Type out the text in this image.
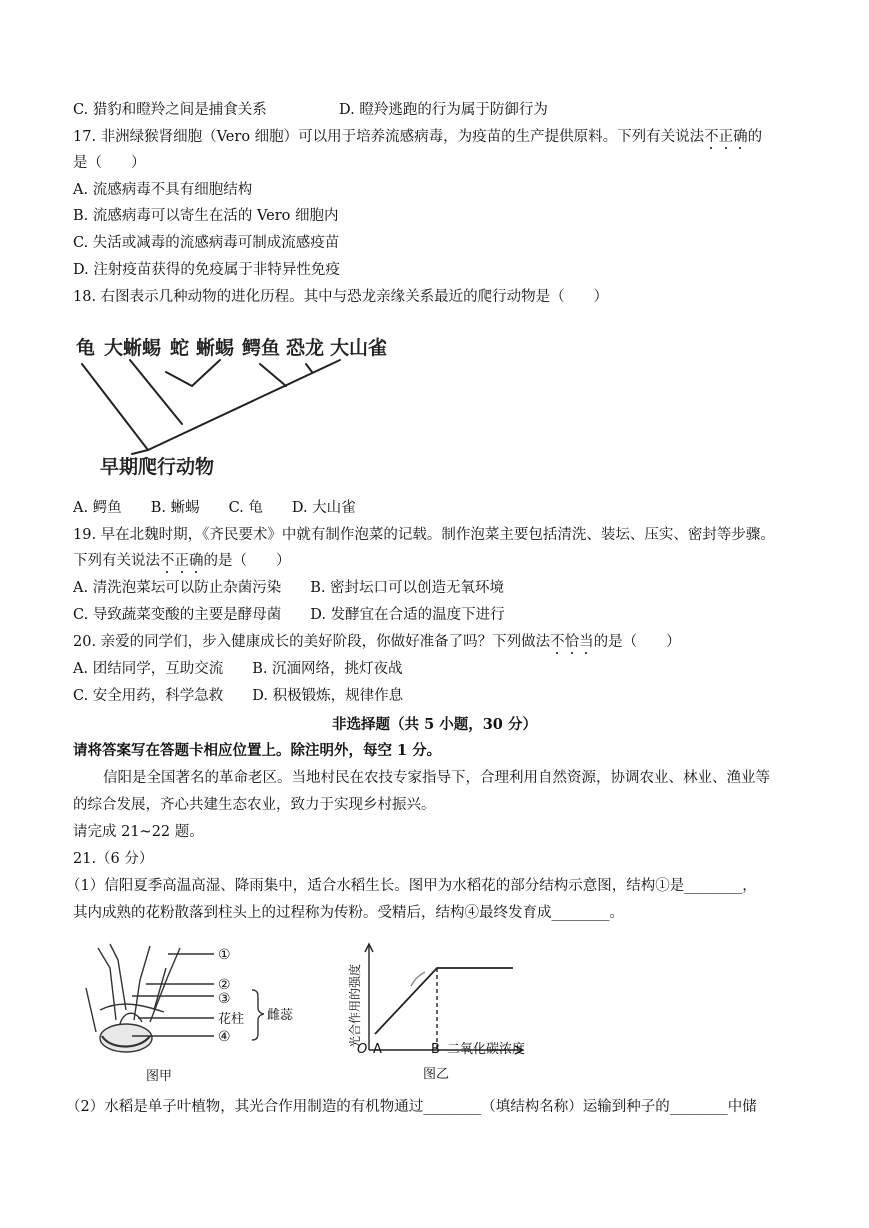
C. 猎豹和瞪羚之间是捕食关系	D. 瞪羚逃跑的行为属于防御行为
17. 非洲绿猴肾细胞（Vero 细胞）可以用于培养流感病毒，为疫苗的生产提供原料。下列有关说法不正确的
是（　　）
A. 流感病毒不具有细胞结构
B. 流感病毒可以寄生在活的 Vero 细胞内
C. 失活或减毒的流感病毒可制成流感疫苗
D. 注射疫苗获得的免疫属于非特异性免疫
18. 右图表示几种动物的进化历程。其中与恐龙亲缘关系最近的爬行动物是（　　）
龟 大蜥蜴 蛇 蜥蜴 鳄鱼 恐龙 大山雀
早期爬行动物
A. 鳄鱼　　B. 蜥蜴　　C. 龟　　D. 大山雀
19. 早在北魏时期，《齐民要术》中就有制作泡菜的记载。制作泡菜主要包括清洗、装坛、压实、密封等步骤。
下列有关说法不正确的是（　　）
A. 清洗泡菜坛可以防止杂菌污染　　B. 密封坛口可以创造无氧环境
C. 导致蔬菜变酸的主要是酵母菌　　D. 发酵宜在合适的温度下进行
20. 亲爱的同学们，步入健康成长的美好阶段，你做好准备了吗？下列做法不恰当的是（　　）
A. 团结同学，互助交流　　B. 沉湎网络，挑灯夜战
C. 安全用药，科学急救　　D. 积极锻炼，规律作息
非选择题（共 5 小题，30 分）
请将答案写在答题卡相应位置上。除注明外，每空 1 分。
信阳是全国著名的革命老区。当地村民在农技专家指导下，合理利用自然资源，协调农业、林业、渔业等
的综合发展，齐心共建生态农业，致力于实现乡村振兴。
请完成 21~22 题。
21.（6 分）
（1）信阳夏季高温高湿、降雨集中，适合水稻生长。图甲为水稻花的部分结构示意图，结构①是________，
其内成熟的花粉散落到柱头上的过程称为传粉。受精后，结构④最终发育成________。
①
②
③
花柱
④
雌蕊
图甲
光合作用的强度
O A	B 二氧化碳浓度
图乙
（2）水稻是单子叶植物，其光合作用制造的有机物通过________（填结构名称）运输到种子的________中储
